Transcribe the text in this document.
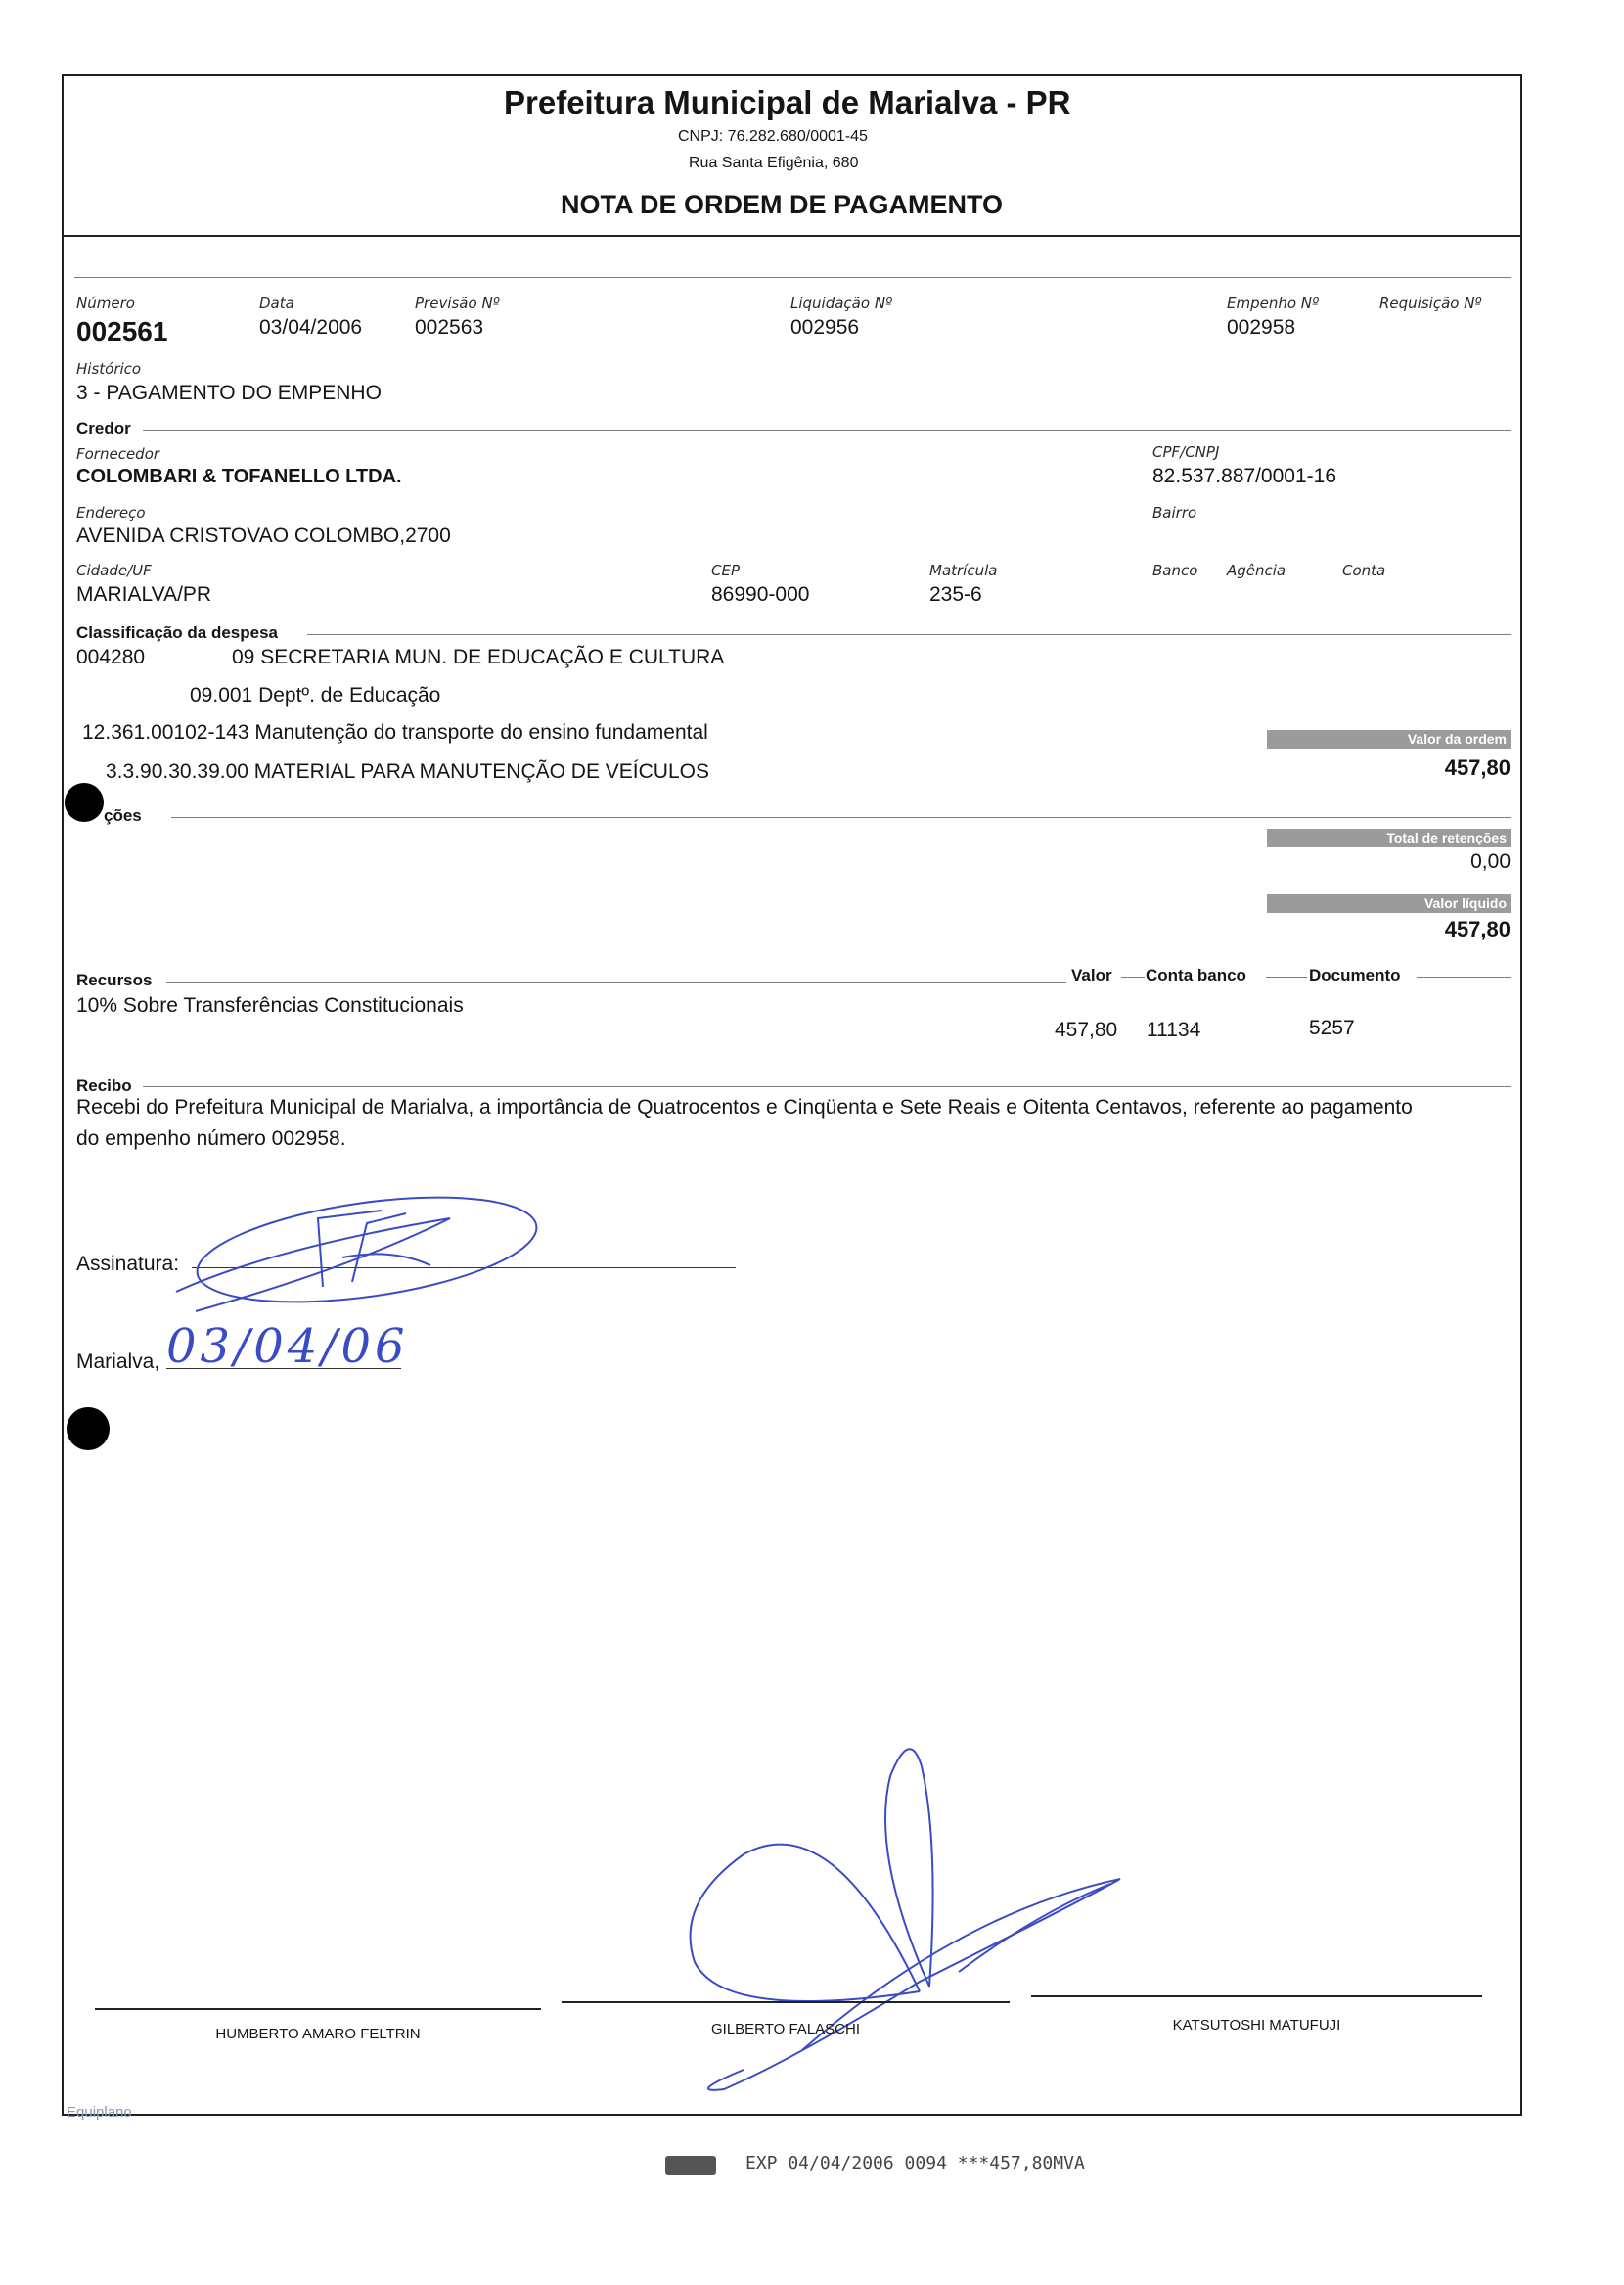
Prefeitura Municipal de Marialva - PR
CNPJ: 76.282.680/0001-45
Rua Santa Efigênia, 680
NOTA DE ORDEM DE PAGAMENTO
Número
002561
Data
03/04/2006
Previsão Nº
002563
Liquidação Nº
002956
Empenho Nº
002958
Requisição Nº
Histórico
3 - PAGAMENTO DO EMPENHO
Credor
Fornecedor
COLOMBARI & TOFANELLO LTDA.
CPF/CNPJ
82.537.887/0001-16
Endereço
AVENIDA CRISTOVAO COLOMBO,2700
Bairro
Cidade/UF
MARIALVA/PR
CEP
86990-000
Matrícula
235-6
Banco Agência	Conta
Classificação da despesa
004280	09 SECRETARIA MUN. DE EDUCAÇÃO E CULTURA
09.001 Deptº. de Educação
12.361.00102-143 Manutenção do transporte do ensino fundamental
3.3.90.30.39.00 MATERIAL PARA MANUTENÇÃO DE VEÍCULOS
Valor da ordem
457,80
ções
Total de retenções
0,00
Valor líquido
457,80
Recursos	Valor Conta banco	Documento
10% Sobre Transferências Constitucionais
457,80 11134	5257
Recibo
Recebi do Prefeitura Municipal de Marialva, a importância de Quatrocentos e Cinqüenta e Sete Reais e Oitenta Centavos, referente ao pagamento
do empenho número 002958.
Assinatura:
Marialva, 03/04/06
HUMBERTO AMARO FELTRIN	GILBERTO FALASCHI	KATSUTOSHI MATUFUJI
Equiplano
EXP 04/04/2006 0094 ***457,80MVA
